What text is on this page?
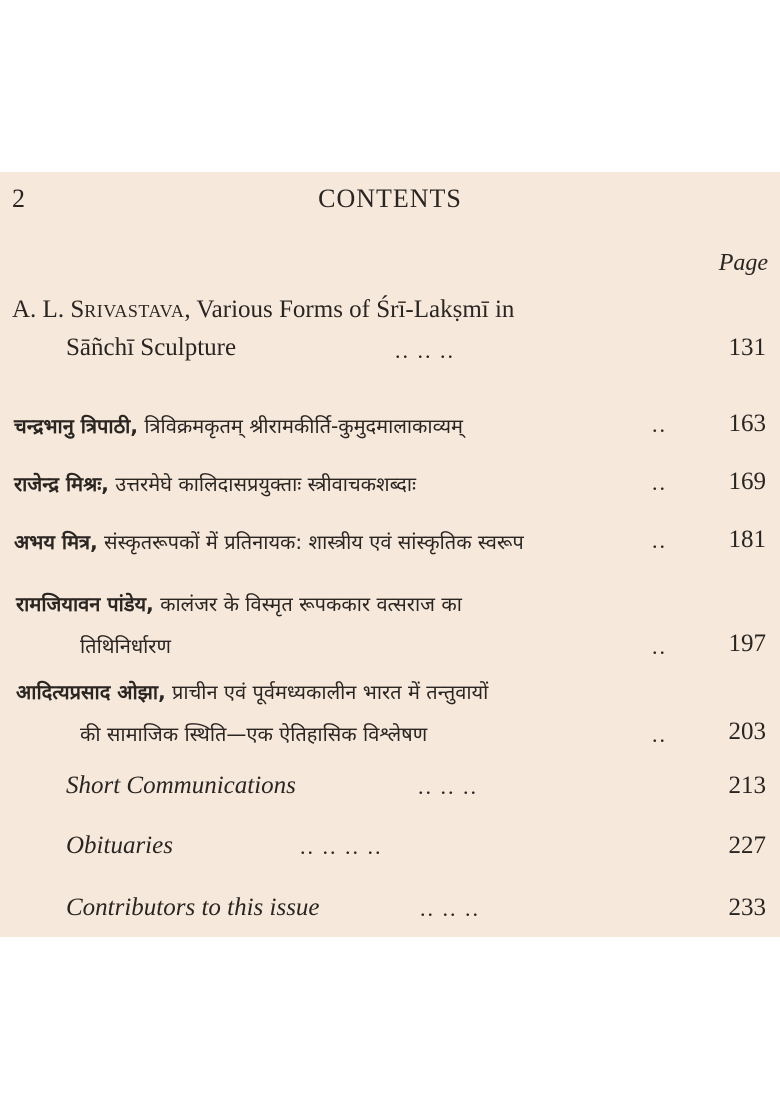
2	CONTENTS
Page
A. L. SRIVASTAVA, Various Forms of Śrī-Lakṣmī in
Sāñchī Sculpture	.. .. ..	131
चन्द्रभानु त्रिपाठी, त्रिविक्रमकृतम् श्रीरामकीर्ति-कुमुदमालाकाव्यम्	.. 163
राजेन्द्र मिश्रः, उत्तरमेघे कालिदासप्रयुक्ताः स्त्रीवाचकशब्दाः	.. 169
अभय मित्र, संस्कृतरूपकों में प्रतिनायक: शास्त्रीय एवं सांस्कृतिक स्वरूप	.. 181
रामजियावन पांडेय, कालंजर के विस्मृत रूपककार वत्सराज का
तिथिनिर्धारण	.. 197
आदित्यप्रसाद ओझा, प्राचीन एवं पूर्वमध्यकालीन भारत में तन्तुवायों
की सामाजिक स्थिति—एक ऐतिहासिक विश्लेषण	.. 203
Short Communications	.. .. ..	213
Obituaries	.. .. .. ..	227
Contributors to this issue	.. .. ..	233
